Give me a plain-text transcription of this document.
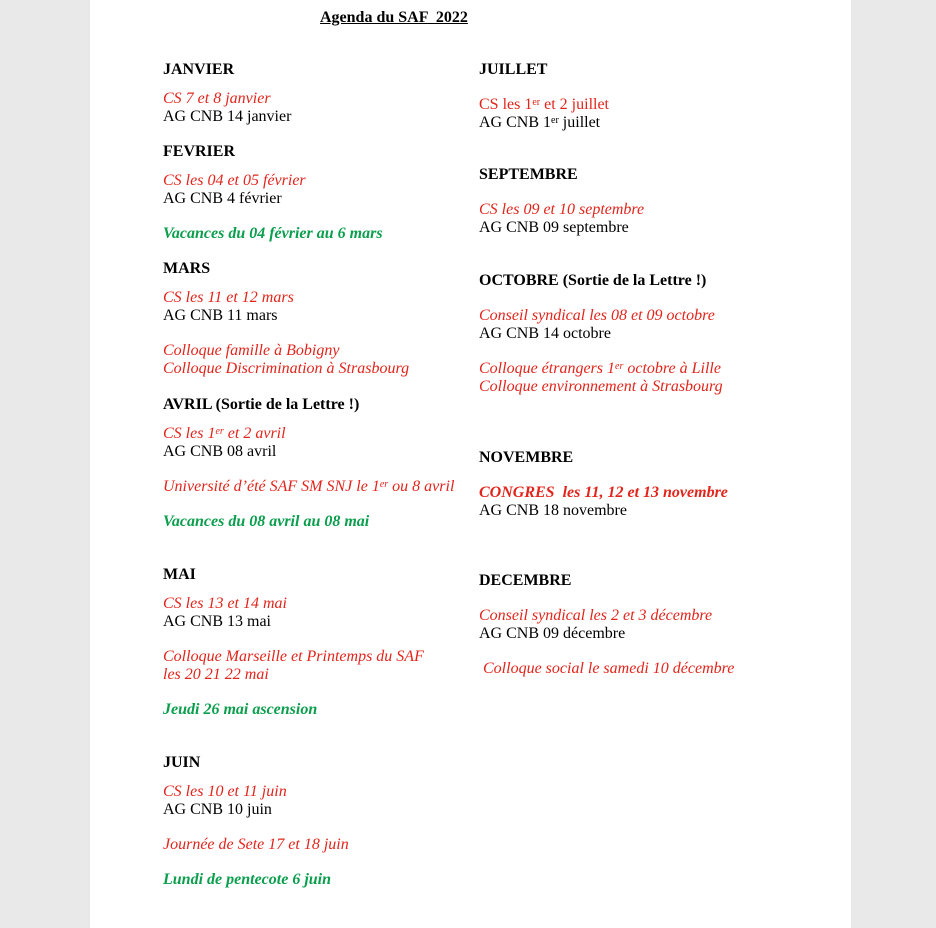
Agenda du SAF  2022
JANVIER
CS 7 et 8 janvier
AG CNB 14 janvier
FEVRIER
CS les 04 et 05 février
AG CNB 4 février
Vacances du 04 février au 6 mars
MARS
CS les 11 et 12 mars
AG CNB 11 mars
Colloque famille à Bobigny
Colloque Discrimination à Strasbourg
AVRIL (Sortie de la Lettre !)
CS les 1er et 2 avril
AG CNB 08 avril
Université d’été SAF SM SNJ le 1er ou 8 avril
Vacances du 08 avril au 08 mai
MAI
CS les 13 et 14 mai
AG CNB 13 mai
Colloque Marseille et Printemps du SAF
les 20 21 22 mai
Jeudi 26 mai ascension
JUIN
CS les 10 et 11 juin
AG CNB 10 juin
Journée de Sete 17 et 18 juin
Lundi de pentecote 6 juin
JUILLET
CS les 1er et 2 juillet
AG CNB 1er juillet
SEPTEMBRE
CS les 09 et 10 septembre
AG CNB 09 septembre
OCTOBRE (Sortie de la Lettre !)
Conseil syndical les 08 et 09 octobre
AG CNB 14 octobre
Colloque étrangers 1er octobre à Lille
Colloque environnement à Strasbourg
NOVEMBRE
CONGRES  les 11, 12 et 13 novembre
AG CNB 18 novembre
DECEMBRE
Conseil syndical les 2 et 3 décembre
AG CNB 09 décembre
Colloque social le samedi 10 décembre
